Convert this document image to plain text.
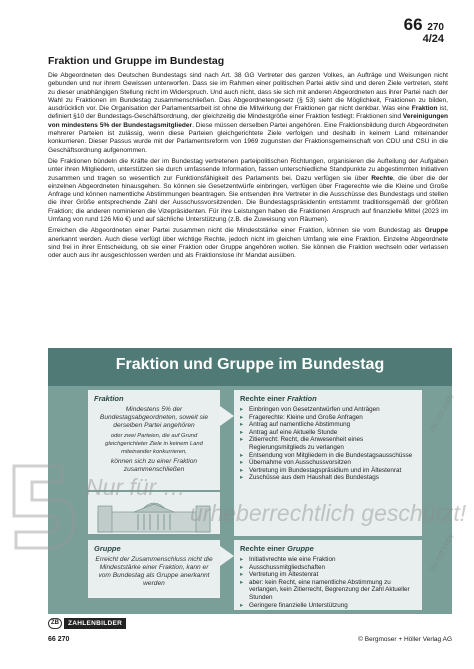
66 270
4/24
Fraktion und Gruppe im Bundestag

Die Abgeordneten des Deutschen Bundestags sind nach Art. 38 GG Vertreter des ganzen Volkes, an Aufträge und Weisungen nicht gebunden und nur ihrem Gewissen unterworfen. Dass sie im Rahmen einer politischen Partei aktiv sind und deren Ziele vertreten, steht zu dieser unabhängigen Stellung nicht im Widerspruch. Und auch nicht, dass sie sich mit anderen Abgeordneten aus ihrer Partei nach der Wahl zu Fraktionen im Bundestag zusammenschließen. Das Abgeordnetengesetz (§ 53) sieht die Möglichkeit, Fraktionen zu bilden, ausdrücklich vor. Die Organisation der Parlamentsarbeit ist ohne die Mitwirkung der Fraktionen gar nicht denkbar. Was eine Fraktion ist, definiert §10 der Bundestags-Geschäftsordnung, der gleichzeitig die Mindestgröße einer Fraktion festlegt: Fraktionen sind Vereinigungen von mindestens 5% der Bundestagsmitglieder. Diese müssen derselben Partei angehören. Eine Fraktionsbildung durch Abgeordneten mehrerer Parteien ist zulässig, wenn diese Parteien gleichgerichtete Ziele verfolgen und deshalb in keinem Land miteinander konkurrieren. Dieser Passus wurde mit der Parlamentsreform von 1969 zugunsten der Fraktionsgemeinschaft von CDU und CSU in die Geschäftsordnung aufgenommen.

Die Fraktionen bündeln die Kräfte der im Bundestag vertretenen parteipolitischen Richtungen, organisieren die Aufteilung der Aufgaben unter ihren Mitgliedern, unterstützen sie durch umfassende Information, fassen unterschiedliche Standpunkte zu abgestimmten Initiativen zusammen und tragen so wesentlich zur Funktionsfähigkeit des Parlaments bei. Dazu verfügen sie über Rechte, die über die der einzelnen Abgeordneten hinausgehen. So können sie Gesetzentwürfe einbringen, verfügen über Fragerechte wie die Kleine und Große Anfrage und können namentliche Abstimmungen beantragen. Sie entsenden ihre Vertreter in die Ausschüsse des Bundestags und stellen die ihrer Größe entsprechende Zahl der Ausschussvorsitzenden. Die Bundestagspräsidentin entstammt traditionsgemäß der größten Fraktion; die anderen nominieren die Vizepräsidenten. Für ihre Leistungen haben die Fraktionen Anspruch auf finanzielle Mittel (2023 im Umfang von rund 126 Mio €) und auf sächliche Unterstützung (z.B. die Zuweisung von Räumen).

Erreichen die Abgeordneten einer Partei zusammen nicht die Mindeststärke einer Fraktion, können sie vom Bundestag als Gruppe anerkannt werden. Auch diese verfügt über wichtige Rechte, jedoch nicht im gleichen Umfang wie eine Fraktion. Einzelne Abgeordnete sind frei in ihrer Entscheidung, ob sie einer Fraktion oder Gruppe angehören wollen. Sie können die Fraktion wechseln oder verlassen oder auch aus ihr ausgeschlossen werden und als Fraktionslose ihr Mandat ausüben.

Fraktion und Gruppe im Bundestag
Fraktion

Mindestens 5% der Bundestagsabgeordneten, soweit sie derselben Partei angehören

oder zwei Parteien, die auf Grund gleichgerichteter Ziele in keinem Land miteinander konkurrieren,

können sich zu einer Fraktion zusammenschließen

Rechte einer Fraktion
▸ Einbringen von Gesetzentwürfen und Anträgen
▸ Fragerechte: Kleine und Große Anfragen
▸ Antrag auf namentliche Abstimmung
▸ Antrag auf eine Aktuelle Stunde
▸ Zitierrecht: Recht, die Anwesenheit eines Regierungsmitglieds zu verlangen
▸ Entsendung von Mitgliedern in die Bundestagsausschüsse
▸ Übernahme von Ausschussvorsitzen
▸ Vertretung im Bundestagspräsidium und im Ältestenrat
▸ Zuschüsse aus dem Haushalt des Bundestags
Gruppe

Erreicht der Zusammenschluss nicht die Mindeststärke einer Fraktion, kann er vom Bundestag als Gruppe anerkannt werden

Rechte einer Gruppe
▸ Initiativrechte wie eine Fraktion
▸ Ausschussmitgliedschaften
▸ Vertretung im Ältestenrat
▸ aber: kein Recht, eine namentliche Abstimmung zu verlangen, kein Zitierrecht, Begrenzung der Zahl Aktueller Stunden
▸ Geringere finanzielle Unterstützung
Do not copy
Do not copy
Nur für …
urheberrechtlich geschützt!
ZB	ZAHLENBILDER
66 270	© Bergmoser + Höller Verlag AG
